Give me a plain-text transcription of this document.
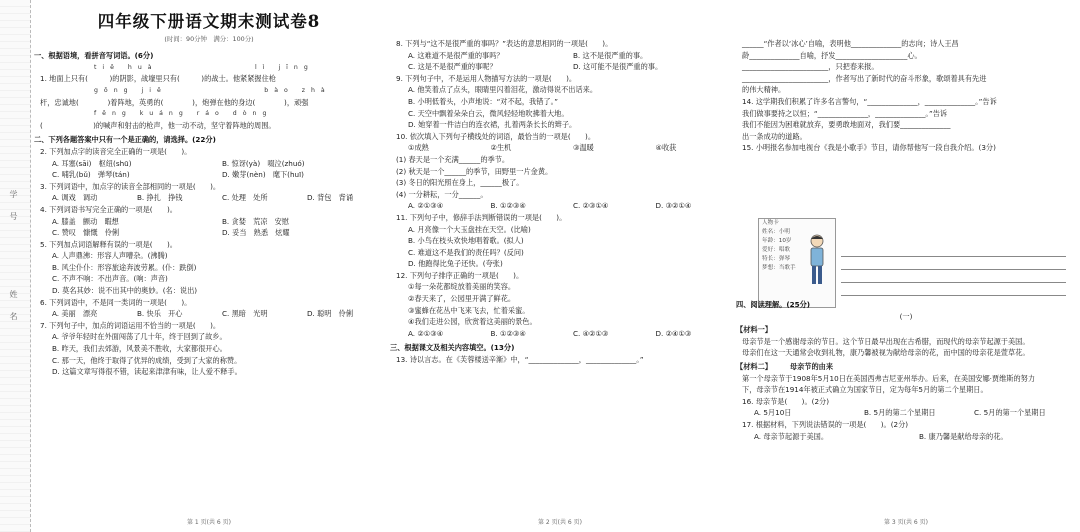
学
号
姓
名
四年级下册语文期末测试卷8
(时间：90分钟　满分：100分)
一、根据语境，看拼音写词语。(6分)
tiē huà　　　　　　　　lì jīng
1. 地面上只有(　　　)的阴影，战壕里只有(　　　)的战士。他紧紧握住枪
gōng jiē　　　　　　　　bào zhà
杆，忠诚地(　　　　)着阵地，英勇的(　　　　)，炮弹在他的身边(　　　　)，顽强
fēng kuáng ráo dòng
(　　　　　　　)的喊声和射击的枪声，他一动不动，坚守着阵地的周围。
二、下列各题答案中只有一个是正确的，请选择。(22分)
2. 下列加点字的读音完全正确的一项是(　　)。
A. 耳塞(sāi)　枢纽(shū)	B. 惊讶(yà)　啜泣(zhuó)
C. 哺乳(bǔ)　弹琴(tán)	D. 嫩芽(nèn)　麾下(huī)
3. 下列词语中，加点字的读音全部相同的一项是(　　)。
A. 调戏　调动	B. 挣扎　挣钱	C. 处理　处所	D. 背包　背诵
4. 下列词语书写完全正确的一项是(　　)。
A. 膝盖　颤动　暇想	B. 贪婪　荒凉　安慰
C. 赞叹　慷慨　伶俐	D. 妥当　熟悉　炫耀
5. 下列加点词语解释有误的一项是(　　)。
A. 人声鼎沸：形容人声嘈杂。(沸腾)
B. 风尘仆仆：形容旅途奔波劳累。(仆：跌倒)
C. 不声不响：不出声音。(响：声音)
D. 莫名其妙：说不出其中的奥妙。(名：说出)
6. 下列词语中，不是同一类词的一项是(　　)。
A. 美丽　漂亮	B. 快乐　开心	C. 黑暗　光明	D. 聪明　伶俐
7. 下列句子中，加点的词语运用不恰当的一项是(　　)。
A. 爷爷年轻时在外面闯荡了几十年，终于回到了故乡。
B. 昨天，我们去郊游，风景美不胜收，大家都很开心。
C. 那一天，他终于取得了优异的成绩，受到了大家的称赞。
D. 这篇文章写得很不错，读起来津津有味，让人爱不释手。
第 1 页(共 6 页)
8. 下列与“这不是很严重的事吗？”表达的意思相同的一项是(　　)。
A. 这难道不是很严重的事吗？	B. 这不是很严重的事。
C. 这是不是很严重的事呢？	D. 这可能不是很严重的事。
9. 下列句子中，不是运用人物描写方法的一项是(　　)。
A. 他笑着点了点头，眼睛里闪着泪花，激动得说不出话来。
B. 小明低着头，小声地说：“对不起，我错了。”
C. 天空中飘着朵朵白云，微风轻轻地吹拂着大地。
D. 她穿着一件洁白的连衣裙，扎着两条长长的辫子。
10. 依次填入下列句子横线处的词语，最恰当的一项是(　　)。
①成熟	②生机	③温暖	④收获
(1) 春天是一个充满______的季节。
(2) 秋天是一个______的季节，田野里一片金黄。
(3) 冬日的阳光照在身上，______极了。
(4) 一分耕耘，一分______。
A. ②①③④	B. ①②③④	C. ②③①④	D. ③②①④
11. 下列句子中，修辞手法判断错误的一项是(　　)。
A. 月亮像一个大玉盘挂在天空。(比喻)
B. 小鸟在枝头欢快地唱着歌。(拟人)
C. 难道这不是我们的责任吗？(反问)
D. 他跑得比兔子还快。(夸张)
12. 下列句子排序正确的一项是(　　)。
①每一朵花都绽放着美丽的笑容。
②春天来了，公园里开满了鲜花。
③蜜蜂在花丛中飞来飞去，忙着采蜜。
④我们走进公园，欣赏着这美丽的景色。
A. ②①③④	B. ①②③④	C. ④②①③	D. ②④①③
三、根据课文及相关内容填空。(13分)
13. 诗以言志。在《芙蓉楼送辛渐》中，“______________，______________。”
第 2 页(共 6 页)
______“作者以‘冰心’自喻，表明他______________的志向；诗人王昌
龄______________自喻，抒发____________________心。
________________________，只把春来报。
________________________，作者写出了新时代的奋斗形象，歌颂着具有先进
的伟大精神。
14. 这学期我们积累了许多名言警句，“______________，______________。”告诉
我们做事要持之以恒；“______________，______________。”告诉
我们不能因为困难就放弃，要勇敢地面对，我们要______________
出一条成功的道路。
15. 小明报名参加电视台《我是小歌手》节目，请你帮他写一段自我介绍。(3分)
人物卡
姓名：小明
年龄：10岁
爱好：唱歌
特长：弹琴
梦想：当歌手
四、阅读理解。(25分)
(一)
【材料一】
母亲节是一个感谢母亲的节日。这个节日最早出现在古希腊，而现代的母亲节起源于美国。
母亲们在这一天通常会收到礼物，康乃馨被视为献给母亲的花，而中国的母亲花是萱草花。
【材料二】　　　母亲节的由来
第一个母亲节于1908年5月10日在美国西弗吉尼亚州举办。后来，在美国安娜·贾维斯的努力
下，母亲节在1914年被正式确立为国家节日，定为每年5月的第二个星期日。
16. 母亲节是(　　)。(2分)
A. 5月10日	B. 5月的第二个星期日	C. 5月的第一个星期日
17. 根据材料，下列说法错误的一项是(　　)。(2分)
A. 母亲节起源于美国。	B. 康乃馨是献给母亲的花。
第 3 页(共 6 页)
